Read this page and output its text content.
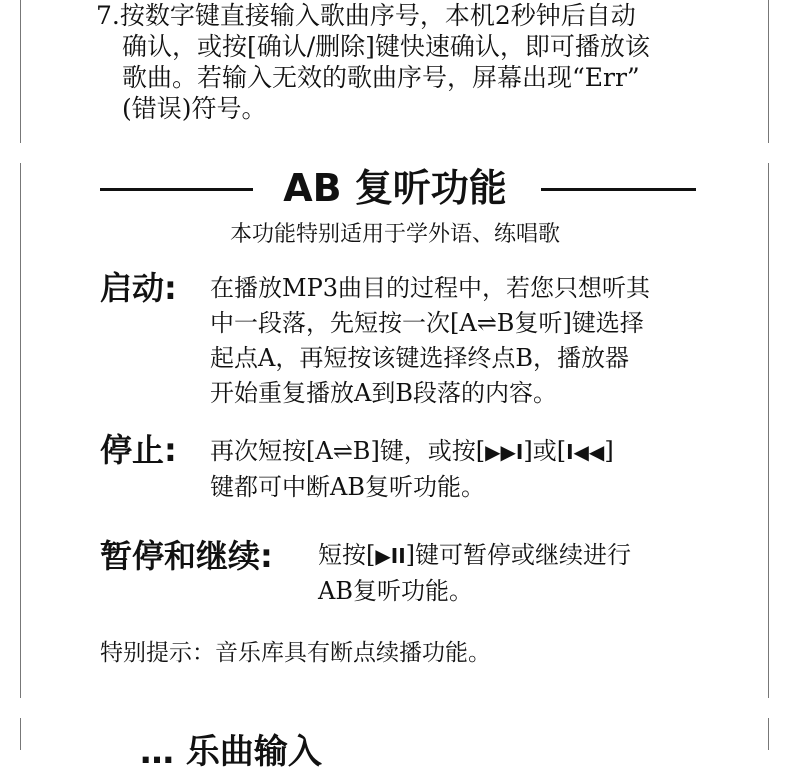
7.按数字键直接输入歌曲序号，本机2秒钟后自动
确认，或按[确认/删除]键快速确认，即可播放该
歌曲。若输入无效的歌曲序号，屏幕出现“Err”
(错误)符号。
AB 复听功能
本功能特别适用于学外语、练唱歌
启动: 在播放MP3曲目的过程中，若您只想听其
中一段落，先短按一次[A⇌B复听]键选择
起点A，再短按该键选择终点B，播放器
开始重复播放A到B段落的内容。
停止: 再次短按[A⇌B]键，或按[▶▶I]或[I◀◀]
键都可中断AB复听功能。
暂停和继续: 短按[▶II]键可暂停或继续进行
AB复听功能。
特别提示：音乐库具有断点续播功能。
… 乐曲输入
